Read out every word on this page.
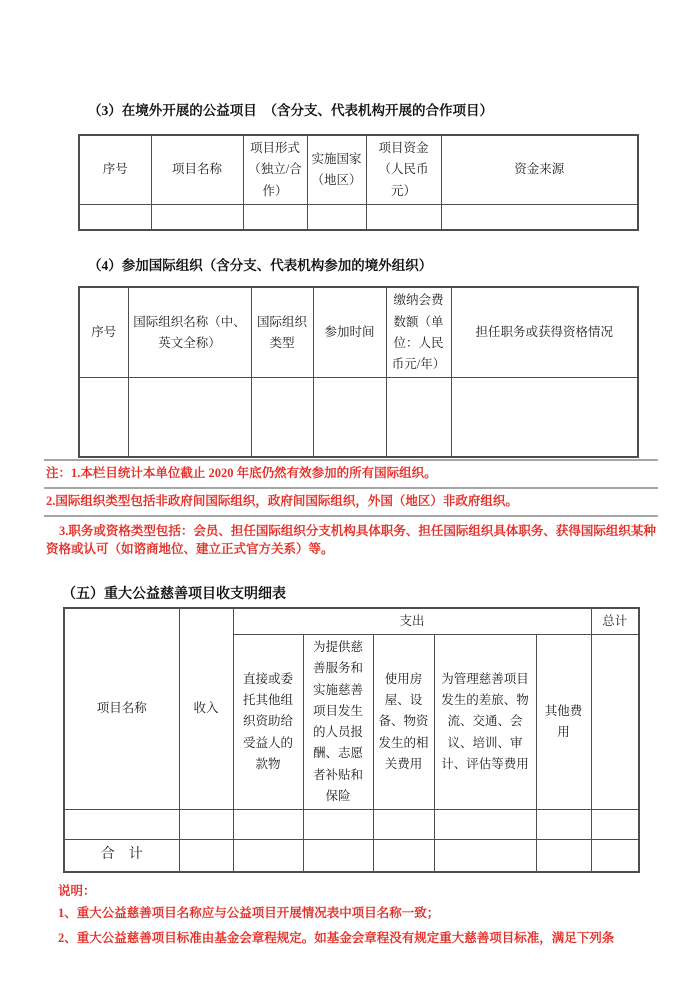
（3）在境外开展的公益项目　（含分支、代表机构开展的合作项目）
序号	项目名称	项目形式（独立/合作）	实施国家（地区）	项目资金（人民币元）	资金来源

（4）参加国际组织（含分支、代表机构参加的境外组织）
序号	国际组织名称（中、英文全称）	国际组织类型	参加时间	缴纳会费数额（单位：人民币元/年）	担任职务或获得资格情况

注：1.本栏目统计本单位截止 2020 年底仍然有效参加的所有国际组织。
2.国际组织类型包括非政府间国际组织，政府间国际组织，外国（地区）非政府组织。
3.职务或资格类型包括：会员、担任国际组织分支机构具体职务、担任国际组织具体职务、获得国际组织某种资格或认可（如谘商地位、建立正式官方关系）等。
（五）重大公益慈善项目收支明细表
项目名称	收入	支出					总计
		直接或委托其他组织资助给受益人的款物	为提供慈善服务和实施慈善项目发生的人员报酬、志愿者补贴和保险	使用房屋、设备、物资发生的相关费用	为管理慈善项目发生的差旅、物流、交通、会议、培训、审计、评估等费用	其他费用	

合　计							
说明：
1、重大公益慈善项目名称应与公益项目开展情况表中项目名称一致；
2、重大公益慈善项目标准由基金会章程规定。如基金会章程没有规定重大慈善项目标准，满足下列条
